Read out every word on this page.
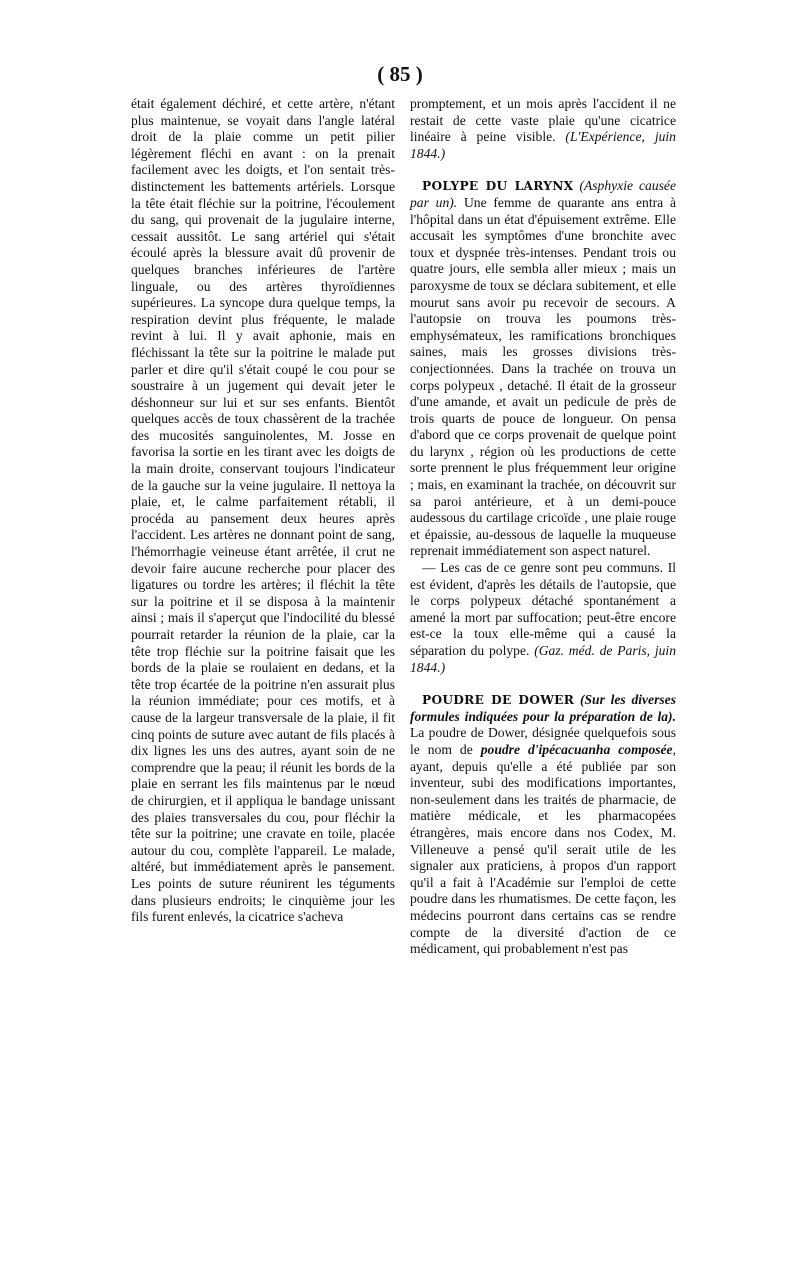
( 85 )

était également déchiré, et cette artère, n'étant plus maintenue, se voyait dans l'angle latéral droit de la plaie comme un petit pilier légèrement fléchi en avant : on la prenait facilement avec les doigts, et l'on sentait très-distinctement les battements artériels. Lorsque la tête était fléchie sur la poitrine, l'écoulement du sang, qui provenait de la jugulaire interne, cessait aussitôt. Le sang artériel qui s'était écoulé après la blessure avait dû provenir de quelques branches inférieures de l'artère linguale, ou des artères thyroïdiennes supérieures. La syncope dura quelque temps, la respiration devint plus fréquente, le malade revint à lui. Il y avait aphonie, mais en fléchissant la tête sur la poitrine le malade put parler et dire qu'il s'était coupé le cou pour se soustraire à un jugement qui devait jeter le déshonneur sur lui et sur ses enfants. Bientôt quelques accès de toux chassèrent de la trachée des mucosités sanguinolentes, M. Josse en favorisa la sortie en les tirant avec les doigts de la main droite, conservant toujours l'indicateur de la gauche sur la veine jugulaire. Il nettoya la plaie, et, le calme parfaitement rétabli, il procéda au pansement deux heures après l'accident. Les artères ne donnant point de sang, l'hémorrhagie veineuse étant arrêtée, il crut ne devoir faire aucune recherche pour placer des ligatures ou tordre les artères; il fléchit la tête sur la poitrine et il se disposa à la maintenir ainsi ; mais il s'aperçut que l'indocilité du blessé pourrait retarder la réunion de la plaie, car la tête trop fléchie sur la poitrine faisait que les bords de la plaie se roulaient en dedans, et la tête trop écartée de la poitrine n'en assurait plus la réunion immédiate; pour ces motifs, et à cause de la largeur transversale de la plaie, il fit cinq points de suture avec autant de fils placés à dix lignes les uns des autres, ayant soin de ne comprendre que la peau; il réunit les bords de la plaie en serrant les fils maintenus par le nœud de chirurgien, et il appliqua le bandage unissant des plaies transversales du cou, pour fléchir la tête sur la poitrine; une cravate en toile, placée autour du cou, complète l'appareil. Le malade, altéré, but immédiatement après le pansement. Les points de suture réunirent les téguments dans plusieurs endroits; le cinquième jour les fils furent enlevés, la cicatrice s'acheva

promptement, et un mois après l'accident il ne restait de cette vaste plaie qu'une cicatrice linéaire à peine visible. (L'Expérience, juin 1844.)

POLYPE DU LARYNX (Asphyxie causée par un). Une femme de quarante ans entra à l'hôpital dans un état d'épuisement extrême. Elle accusait les symptômes d'une bronchite avec toux et dyspnée très-intenses. Pendant trois ou quatre jours, elle sembla aller mieux ; mais un paroxysme de toux se déclara subitement, et elle mourut sans avoir pu recevoir de secours. A l'autopsie on trouva les poumons très-emphysémateux, les ramifications bronchiques saines, mais les grosses divisions très-conjectionnées. Dans la trachée on trouva un corps polypeux , detaché. Il était de la grosseur d'une amande, et avait un pedicule de près de trois quarts de pouce de longueur. On pensa d'abord que ce corps provenait de quelque point du larynx , région où les productions de cette sorte prennent le plus fréquemment leur origine ; mais, en examinant la trachée, on découvrit sur sa paroi antérieure, et à un demi-pouce audessous du cartilage cricoïde , une plaie rouge et épaissie, au-dessous de laquelle la muqueuse reprenait immédiatement son aspect naturel.

— Les cas de ce genre sont peu communs. Il est évident, d'après les détails de l'autopsie, que le corps polypeux détaché spontanément a amené la mort par suffocation; peut-être encore est-ce la toux elle-même qui a causé la séparation du polype. (Gaz. méd. de Paris, juin 1844.)

POUDRE DE DOWER (Sur les diverses formules indiquées pour la préparation de la). La poudre de Dower, désignée quelquefois sous le nom de poudre d'ipécacuanha composée, ayant, depuis qu'elle a été publiée par son inventeur, subi des modifications importantes, non-seulement dans les traités de pharmacie, de matière médicale, et les pharmacopées étrangères, mais encore dans nos Codex, M. Villeneuve a pensé qu'il serait utile de les signaler aux praticiens, à propos d'un rapport qu'il a fait à l'Académie sur l'emploi de cette poudre dans les rhumatismes. De cette façon, les médecins pourront dans certains cas se rendre compte de la diversité d'action de ce médicament, qui probablement n'est pas
